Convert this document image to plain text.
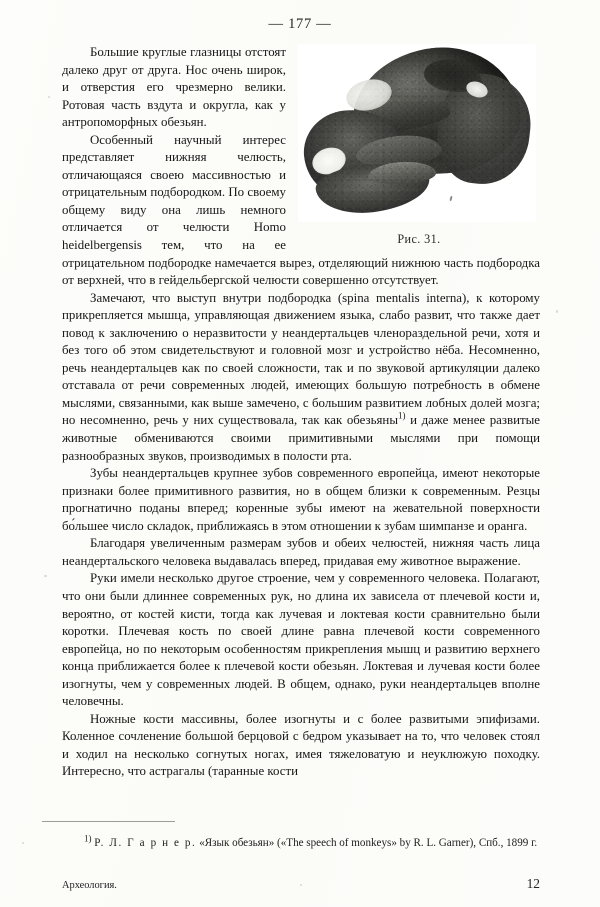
— 177 —
Рис. 31.

Большие круглые глазницы отстоят далеко друг от друга. Нос очень широк, и отверстия его чрезмерно велики. Ротовая часть вздута и округла, как у антропоморфных обезьян.

Особенный научный интерес представляет нижняя челюсть, отличающаяся своею массивностью и отрицательным подбородком. По своему общему виду она лишь немного отличается от челюсти Homo heidelbergensis тем, что на ее отрицательном подбородке намечается вырез, отделяющий нижнюю часть подбородка от верхней, что в гейдельбергской челюсти совершенно отсутствует.

Замечают, что выступ внутри подбородка (spina mentalis interna), к которому прикрепляется мышца, управляющая движением языка, слабо развит, что также дает повод к заключению о неразвитости у неандертальцев членораздельной речи, хотя и без того об этом свидетельствуют и головной мозг и устройство нёба. Несомненно, речь неандертальцев как по своей сложности, так и по звуковой артикуляции далеко отставала от речи современных людей, имеющих большую потребность в обмене мыслями, связанными, как выше замечено, с большим развитием лобных долей мозга; но несомненно, речь у них существовала, так как обезьяны$^{1)}$ и даже менее развитые животные обмениваются своими примитивными мыслями при помощи разнообразных звуков, производимых в полости рта.

Зубы неандертальцев крупнее зубов современного европейца, имеют некоторые признаки более примитивного развития, но в общем близки к современным. Резцы прогнатично поданы вперед; коренные зубы имеют на жевательной поверхности бо́льшее число складок, приближаясь в этом отношении к зубам шимпанзе и оранга.

Благодаря увеличенным размерам зубов и обеих челюстей, нижняя часть лица неандертальского человека выдавалась вперед, придавая ему животное выражение.

Руки имели несколько другое строение, чем у современного человека. Полагают, что они были длиннее современных рук, но длина их зависела от плечевой кости и, вероятно, от костей кисти, тогда как лучевая и локтевая кости сравнительно были коротки. Плечевая кость по своей длине равна плечевой кости современного европейца, но по некоторым особенностям прикрепления мышц и развитию верхнего конца приближается более к плечевой кости обезьян. Локтевая и лучевая кости более изогнуты, чем у современных людей. В общем, однако, руки неандертальцев вполне человечны.

Ножные кости массивны, более изогнуты и с более развитыми эпифизами. Коленное сочленение большой берцовой с бедром указывает на то, что человек стоял и ходил на несколько согнутых ногах, имея тяжеловатую и неуклюжую походку. Интересно, что астрагалы (таранные кости

$^{1)}$ Р. Л. Г а р н е р. «Язык обезьян» («The speech of monkeys» by R. L. Garner), Спб., 1899 г.

Археология.	12
